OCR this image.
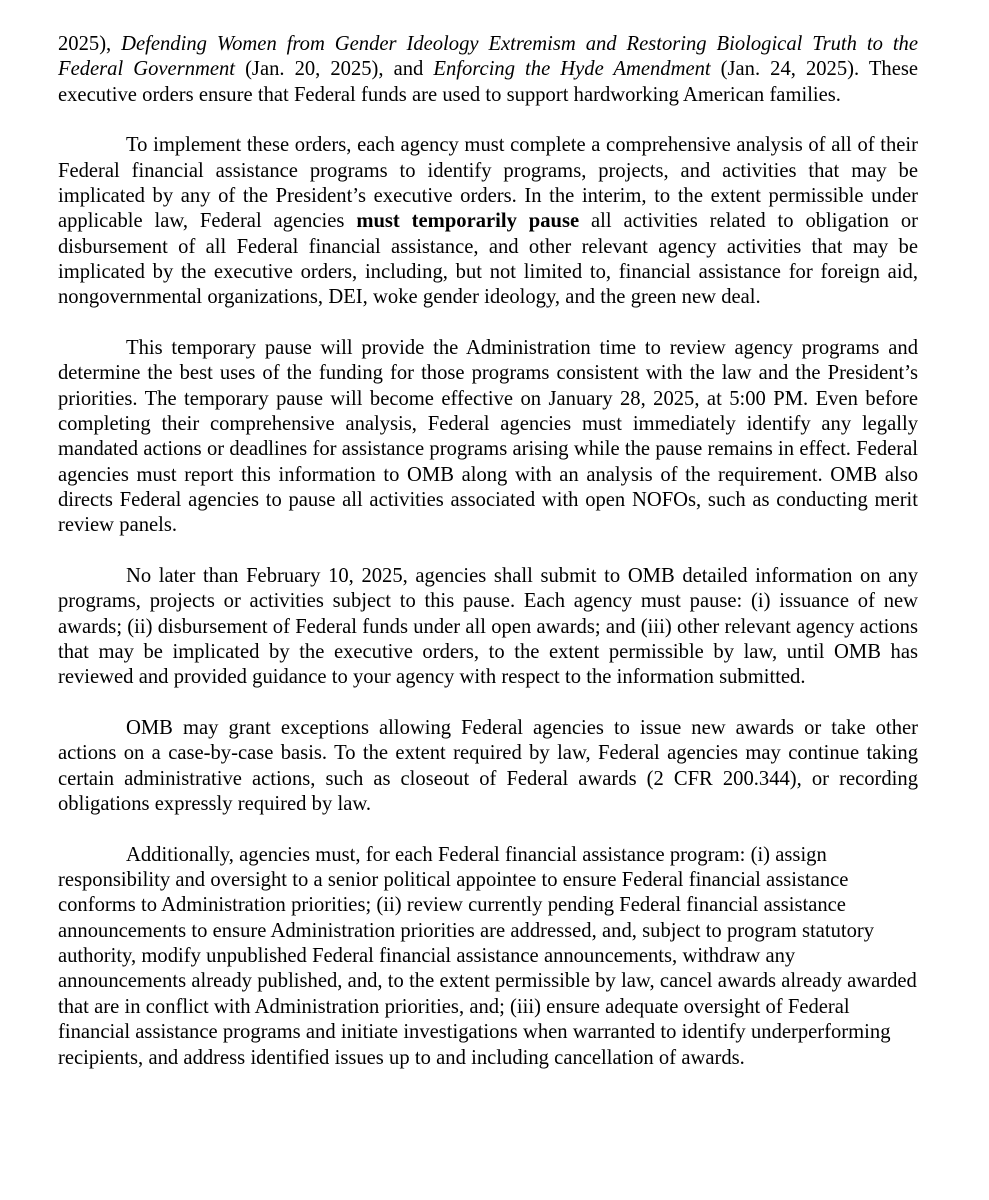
2025), Defending Women from Gender Ideology Extremism and Restoring Biological Truth to the Federal Government (Jan. 20, 2025), and Enforcing the Hyde Amendment (Jan. 24, 2025). These executive orders ensure that Federal funds are used to support hardworking American families.

To implement these orders, each agency must complete a comprehensive analysis of all of their Federal financial assistance programs to identify programs, projects, and activities that may be implicated by any of the President’s executive orders. In the interim, to the extent permissible under applicable law, Federal agencies must temporarily pause all activities related to obligation or disbursement of all Federal financial assistance, and other relevant agency activities that may be implicated by the executive orders, including, but not limited to, financial assistance for foreign aid, nongovernmental organizations, DEI, woke gender ideology, and the green new deal.

This temporary pause will provide the Administration time to review agency programs and determine the best uses of the funding for those programs consistent with the law and the President’s priorities. The temporary pause will become effective on January 28, 2025, at 5:00 PM. Even before completing their comprehensive analysis, Federal agencies must immediately identify any legally mandated actions or deadlines for assistance programs arising while the pause remains in effect. Federal agencies must report this information to OMB along with an analysis of the requirement. OMB also directs Federal agencies to pause all activities associated with open NOFOs, such as conducting merit review panels.

No later than February 10, 2025, agencies shall submit to OMB detailed information on any programs, projects or activities subject to this pause. Each agency must pause: (i) issuance of new awards; (ii) disbursement of Federal funds under all open awards; and (iii) other relevant agency actions that may be implicated by the executive orders, to the extent permissible by law, until OMB has reviewed and provided guidance to your agency with respect to the information submitted.

OMB may grant exceptions allowing Federal agencies to issue new awards or take other actions on a case-by-case basis. To the extent required by law, Federal agencies may continue taking certain administrative actions, such as closeout of Federal awards (2 CFR 200.344), or recording obligations expressly required by law.

Additionally, agencies must, for each Federal financial assistance program: (i) assign responsibility and oversight to a senior political appointee to ensure Federal financial assistance conforms to Administration priorities; (ii) review currently pending Federal financial assistance announcements to ensure Administration priorities are addressed, and, subject to program statutory authority, modify unpublished Federal financial assistance announcements, withdraw any announcements already published, and, to the extent permissible by law, cancel awards already awarded that are in conflict with Administration priorities, and; (iii) ensure adequate oversight of Federal financial assistance programs and initiate investigations when warranted to identify underperforming recipients, and address identified issues up to and including cancellation of awards.
